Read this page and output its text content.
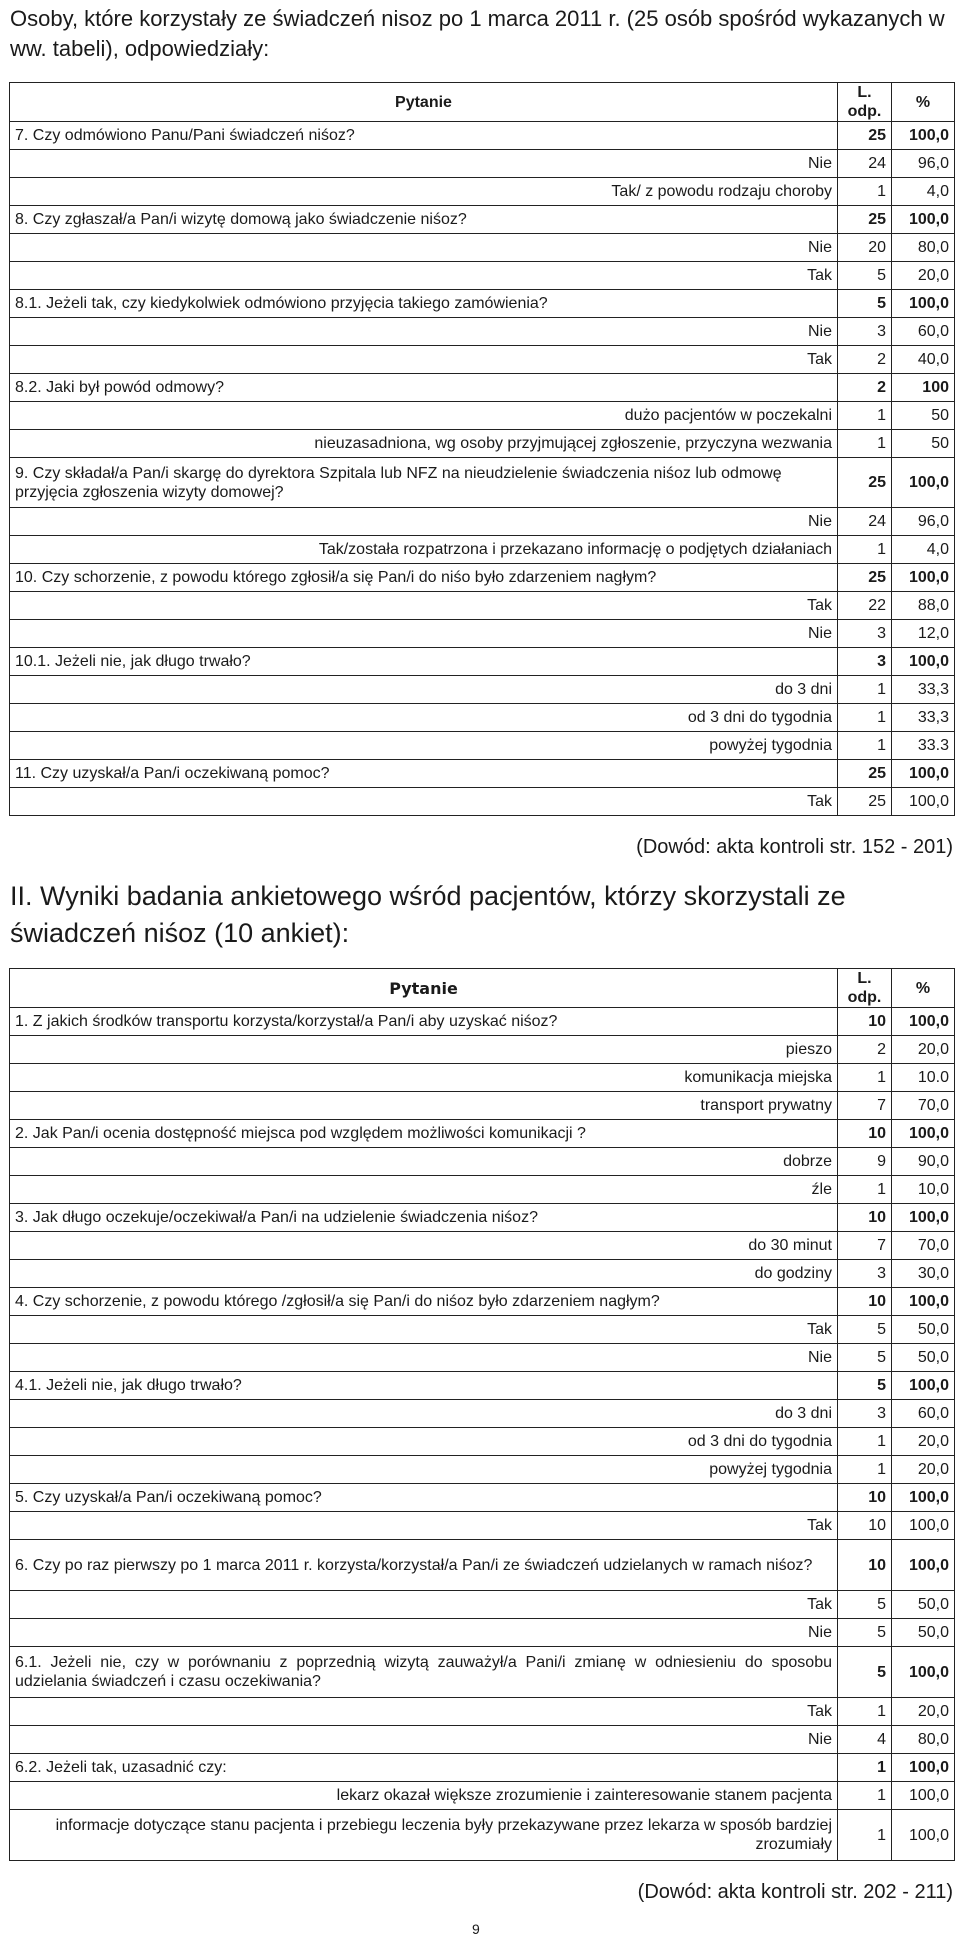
Osoby, które korzystały ze świadczeń nisoz po 1 marca 2011 r. (25 osób spośród wykazanych w ww. tabeli), odpowiedziały:
Pytanie	L. odp.	%
7. Czy odmówiono Panu/Pani świadczeń niśoz?	25	100,0
Nie	24	96,0
Tak/ z powodu rodzaju choroby	1	4,0
8. Czy zgłaszał/a Pan/i wizytę domową jako świadczenie niśoz?	25	100,0
Nie	20	80,0
Tak	5	20,0
8.1. Jeżeli tak, czy kiedykolwiek odmówiono przyjęcia takiego zamówienia?	5	100,0
Nie	3	60,0
Tak	2	40,0
8.2. Jaki był powód odmowy?	2	100
dużo pacjentów w poczekalni	1	50
nieuzasadniona, wg osoby przyjmującej zgłoszenie, przyczyna wezwania	1	50
9. Czy składał/a Pan/i skargę do dyrektora Szpitala lub NFZ na nieudzielenie świadczenia niśoz lub odmowę przyjęcia zgłoszenia wizyty domowej?	25	100,0
Nie	24	96,0
Tak/została rozpatrzona i przekazano informację o podjętych działaniach	1	4,0
10. Czy schorzenie, z powodu którego zgłosił/a się Pan/i do niśo było zdarzeniem nagłym?	25	100,0
Tak	22	88,0
Nie	3	12,0
10.1. Jeżeli nie, jak długo trwało?	3	100,0
do 3 dni	1	33,3
od 3 dni do tygodnia	1	33,3
powyżej tygodnia	1	33.3
11. Czy uzyskał/a Pan/i oczekiwaną pomoc?	25	100,0
Tak	25	100,0
(Dowód: akta kontroli str. 152 - 201)
II. Wyniki badania ankietowego wśród pacjentów, którzy skorzystali ze świadczeń niśoz (10 ankiet):
Pytanie	L. odp.	%
1. Z jakich środków transportu korzysta/korzystał/a Pan/i aby uzyskać niśoz?	10	100,0
pieszo	2	20,0
komunikacja miejska	1	10.0
transport prywatny	7	70,0
2. Jak Pan/i ocenia dostępność miejsca pod względem możliwości komunikacji ?	10	100,0
dobrze	9	90,0
źle	1	10,0
3. Jak długo oczekuje/oczekiwał/a Pan/i na udzielenie świadczenia niśoz?	10	100,0
do 30 minut	7	70,0
do godziny	3	30,0
4. Czy schorzenie, z powodu którego /zgłosił/a się Pan/i do niśoz było zdarzeniem nagłym?	10	100,0
Tak	5	50,0
Nie	5	50,0
4.1. Jeżeli nie, jak długo trwało?	5	100,0
do 3 dni	3	60,0
od 3 dni do tygodnia	1	20,0
powyżej tygodnia	1	20,0
5. Czy uzyskał/a Pan/i oczekiwaną pomoc?	10	100,0
Tak	10	100,0
6. Czy po raz pierwszy po 1 marca 2011 r. korzysta/korzystał/a Pan/i ze świadczeń udzielanych w ramach niśoz?	10	100,0
Tak	5	50,0
Nie	5	50,0
6.1. Jeżeli nie, czy w porównaniu z poprzednią wizytą zauważył/a Pani/i zmianę w odniesieniu do sposobu udzielania świadczeń i czasu oczekiwania?	5	100,0
Tak	1	20,0
Nie	4	80,0
6.2. Jeżeli tak, uzasadnić czy:	1	100,0
lekarz okazał większe zrozumienie i zainteresowanie stanem pacjenta	1	100,0
informacje dotyczące stanu pacjenta i przebiegu leczenia były przekazywane przez lekarza w sposób bardziej zrozumiały	1	100,0
(Dowód: akta kontroli str. 202 - 211)
9
